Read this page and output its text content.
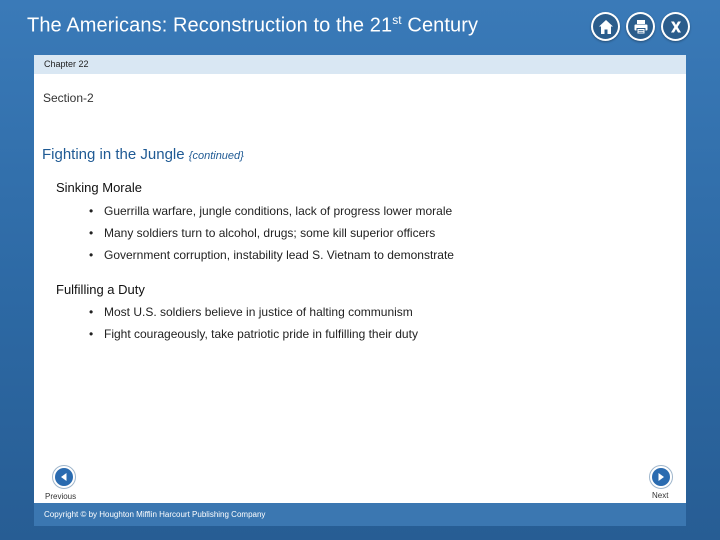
The Americans: Reconstruction to the 21st Century
Chapter 22
Section-2
Fighting in the Jungle {continued}
Sinking Morale
• Guerrilla warfare, jungle conditions, lack of progress lower morale
• Many soldiers turn to alcohol, drugs; some kill superior officers
• Government corruption, instability lead S. Vietnam to demonstrate
Fulfilling a Duty
• Most U.S. soldiers believe in justice of halting communism
• Fight courageously, take patriotic pride in fulfilling their duty
Previous	Next
Copyright © by Houghton Mifflin Harcourt Publishing Company
